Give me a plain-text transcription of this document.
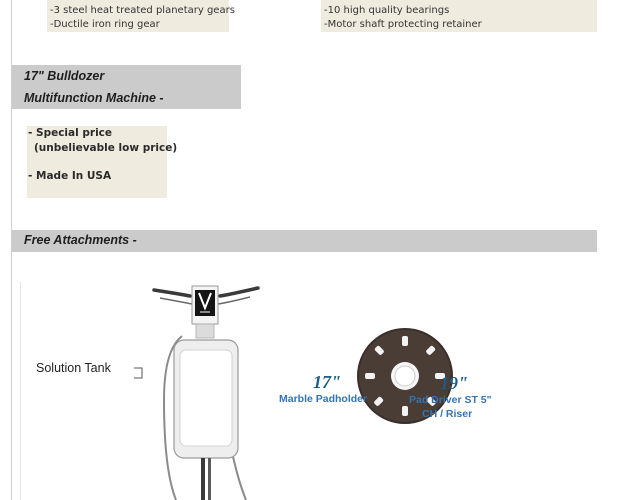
-3 steel heat treated planetary gears
-Ductile iron ring gear
-10 high quality bearings
-Motor shaft protecting retainer
17" Bulldozer
Multifunction Machine -
- Special price
(unbelievable low price)
- Made In USA
Free Attachments -
Solution Tank
17"
Marble Padholder
19"
Pad Driver ST 5"
CH / Riser
